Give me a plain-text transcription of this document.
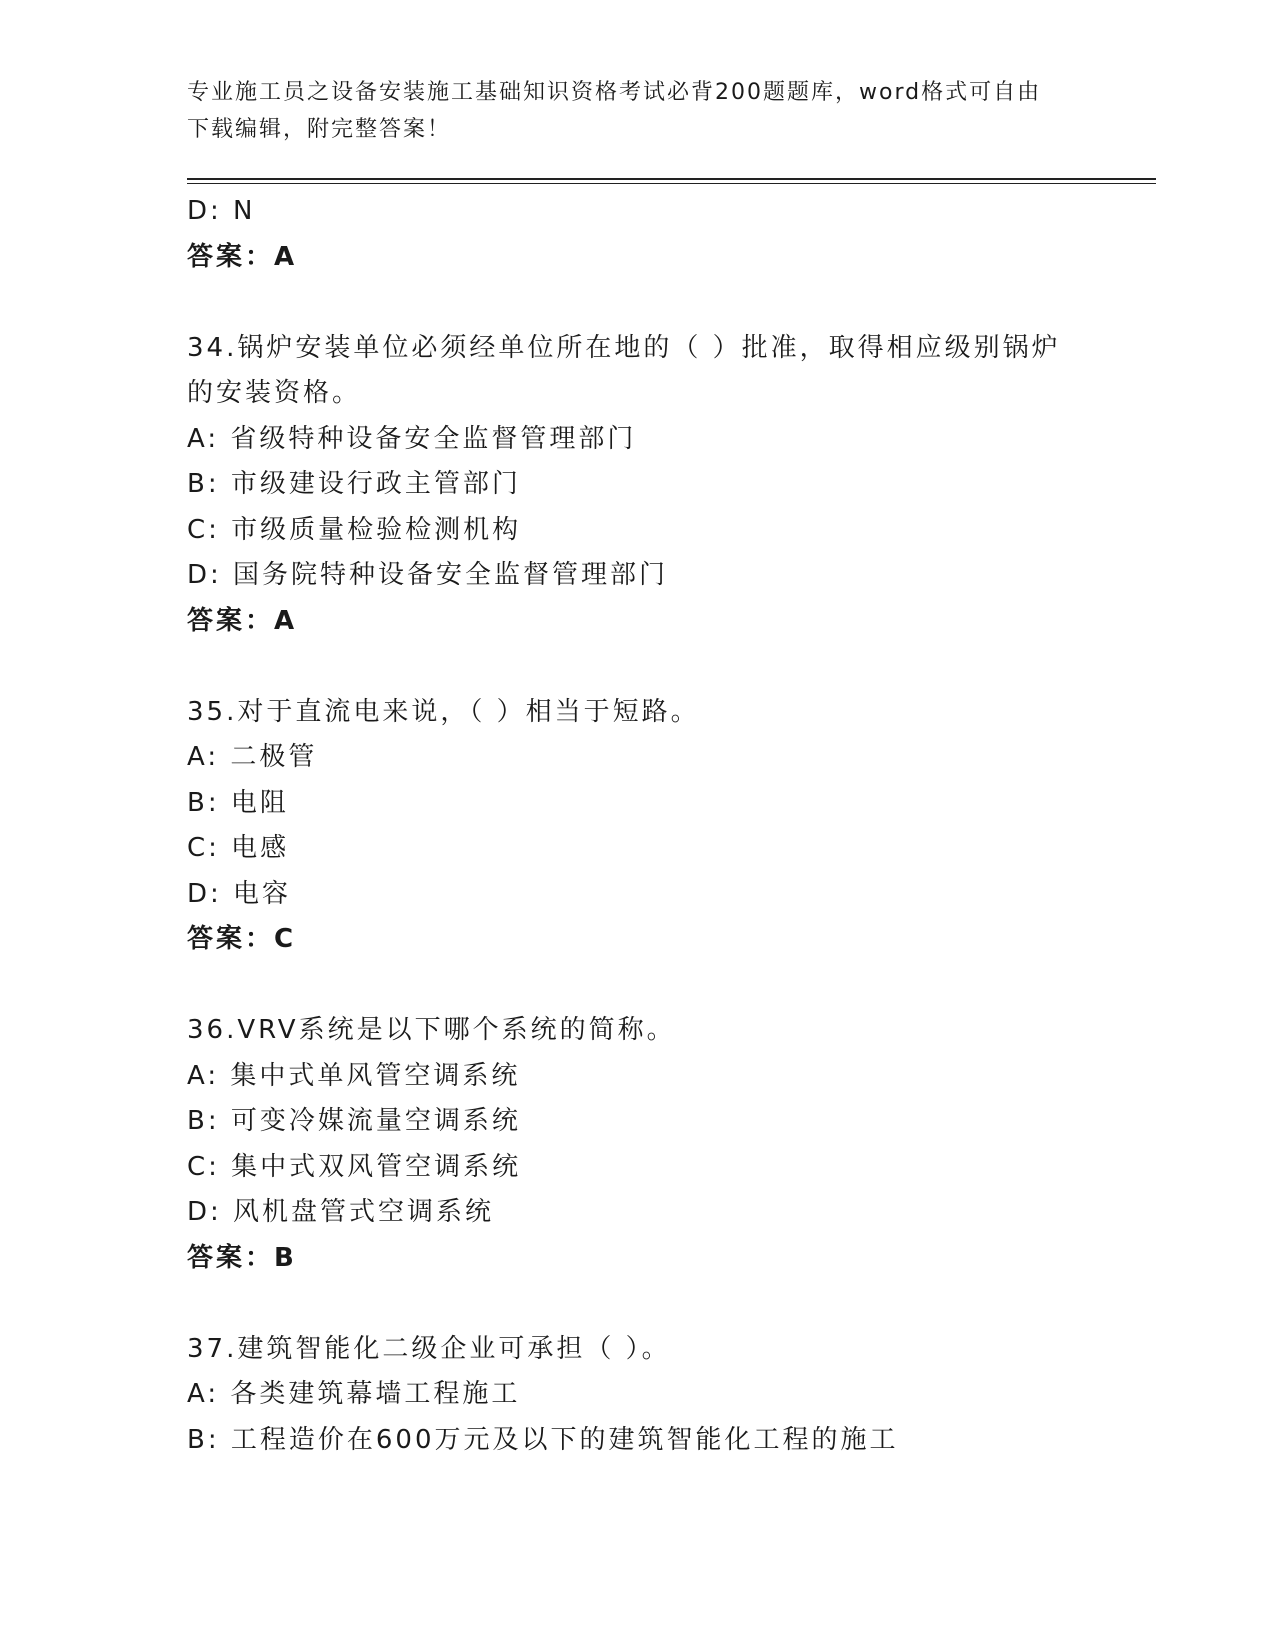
专业施工员之设备安装施工基础知识资格考试必背200题题库，word格式可自由
下载编辑，附完整答案！
D: N
答案：A
34.锅炉安装单位必须经单位所在地的（ ）批准，取得相应级别锅炉
的安装资格。
A: 省级特种设备安全监督管理部门
B: 市级建设行政主管部门
C: 市级质量检验检测机构
D: 国务院特种设备安全监督管理部门
答案：A
35.对于直流电来说，（ ）相当于短路。
A: 二极管
B: 电阻
C: 电感
D: 电容
答案：C
36.VRV系统是以下哪个系统的简称。
A: 集中式单风管空调系统
B: 可变冷媒流量空调系统
C: 集中式双风管空调系统
D: 风机盘管式空调系统
答案：B
37.建筑智能化二级企业可承担（ ）。
A: 各类建筑幕墙工程施工
B: 工程造价在600万元及以下的建筑智能化工程的施工
